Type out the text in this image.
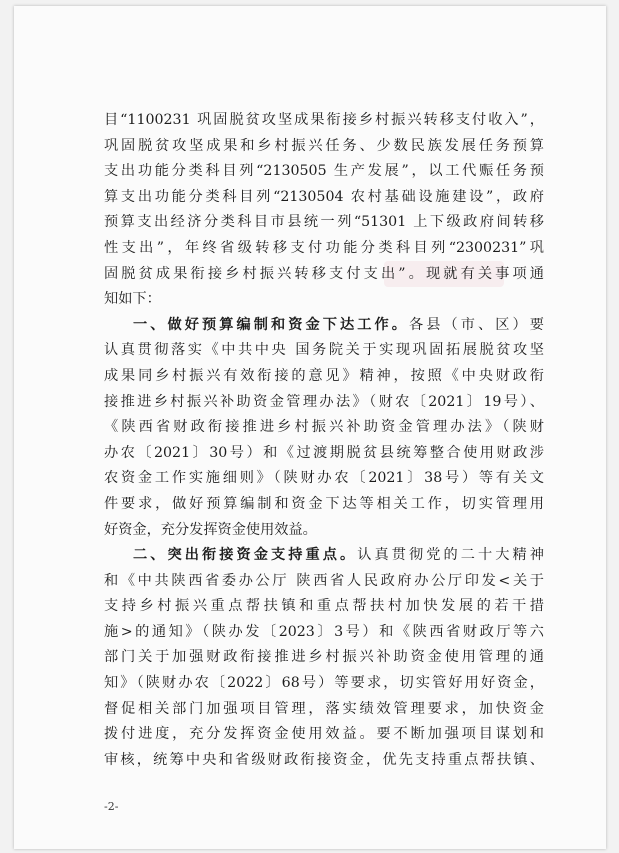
目“1100231 巩固脱贫攻坚成果衔接乡村振兴转移支付收入”，
巩固脱贫攻坚成果和乡村振兴任务、少数民族发展任务预算
支出功能分类科目列“2130505 生产发展”，以工代赈任务预
算支出功能分类科目列“2130504 农村基础设施建设”，政府
预算支出经济分类科目市县统一列“51301 上下级政府间转移
性支出”，年终省级转移支付功能分类科目列“2300231”巩
固脱贫成果衔接乡村振兴转移支付支出”。现就有关事项通
知如下：
一、做好预算编制和资金下达工作。各县（市、区）要
认真贯彻落实《中共中央 国务院关于实现巩固拓展脱贫攻坚
成果同乡村振兴有效衔接的意见》精神，按照《中央财政衔
接推进乡村振兴补助资金管理办法》（财农〔2021〕19号）、
《陕西省财政衔接推进乡村振兴补助资金管理办法》（陕财
办农〔2021〕30号）和《过渡期脱贫县统筹整合使用财政涉
农资金工作实施细则》（陕财办农〔2021〕38号）等有关文
件要求，做好预算编制和资金下达等相关工作，切实管理用
好资金，充分发挥资金使用效益。
二、突出衔接资金支持重点。认真贯彻党的二十大精神
和《中共陕西省委办公厅 陕西省人民政府办公厅印发<关于
支持乡村振兴重点帮扶镇和重点帮扶村加快发展的若干措
施>的通知》（陕办发〔2023〕3号）和《陕西省财政厅等六
部门关于加强财政衔接推进乡村振兴补助资金使用管理的通
知》（陕财办农〔2022〕68号）等要求，切实管好用好资金，
督促相关部门加强项目管理，落实绩效管理要求，加快资金
拨付进度，充分发挥资金使用效益。要不断加强项目谋划和
审核，统筹中央和省级财政衔接资金，优先支持重点帮扶镇、
-2-
